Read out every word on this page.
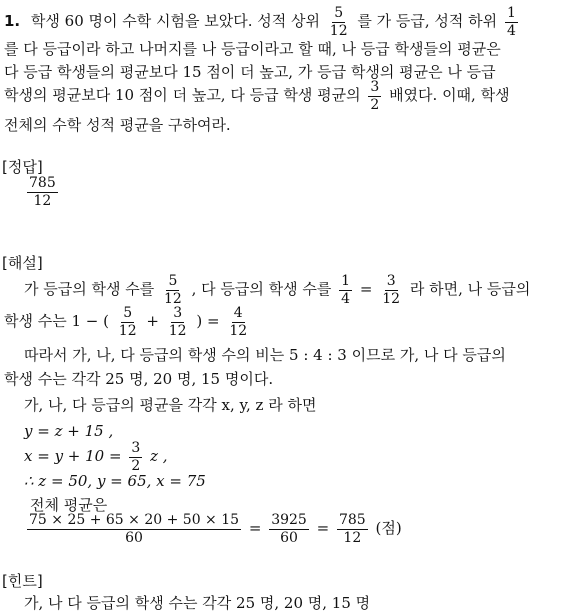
1. 학생 60 명이 수학 시험을 보았다. 성적 상위 $\frac{5}{12}$ 를 가 등급, 성적 하위 $\frac{1}{4}$
를 다 등급이라 하고 나머지를 나 등급이라고 할 때, 나 등급 학생들의 평균은
다 등급 학생들의 평균보다 15 점이 더 높고, 가 등급 학생의 평균은 나 등급
학생의 평균보다 10 점이 더 높고, 다 등급 학생 평균의 $\frac{3}{2}$ 배였다. 이때, 학생
전체의 수학 성적 평균을 구하여라.
[정답]
$\frac{785}{12}$
[해설]
가 등급의 학생 수를 $\frac{5}{12}$ , 다 등급의 학생 수를 $\frac{1}{4} = \frac{3}{12}$ 라 하면, 나 등급의
학생 수는 1 − ( $\frac{5}{12} + \frac{3}{12}$ ) = $\frac{4}{12}$
따라서 가, 나, 다 등급의 학생 수의 비는 5 : 4 : 3 이므로 가, 나 다 등급의
학생 수는 각각 25 명, 20 명, 15 명이다.
가, 나, 다 등급의 평균을 각각 x, y, z 라 하면
y = z + 15 ,
$x = y + 10 = \frac{3}{2}$ z ,
∴ z = 50, y = 65, x = 75
전체 평균은
$\frac{75 \times 25 + 65 \times 20 + 50 \times 15}{60} = \frac{3925}{60} = \frac{785}{12}$ (점)
[힌트]
가, 나 다 등급의 학생 수는 각각 25 명, 20 명, 15 명
